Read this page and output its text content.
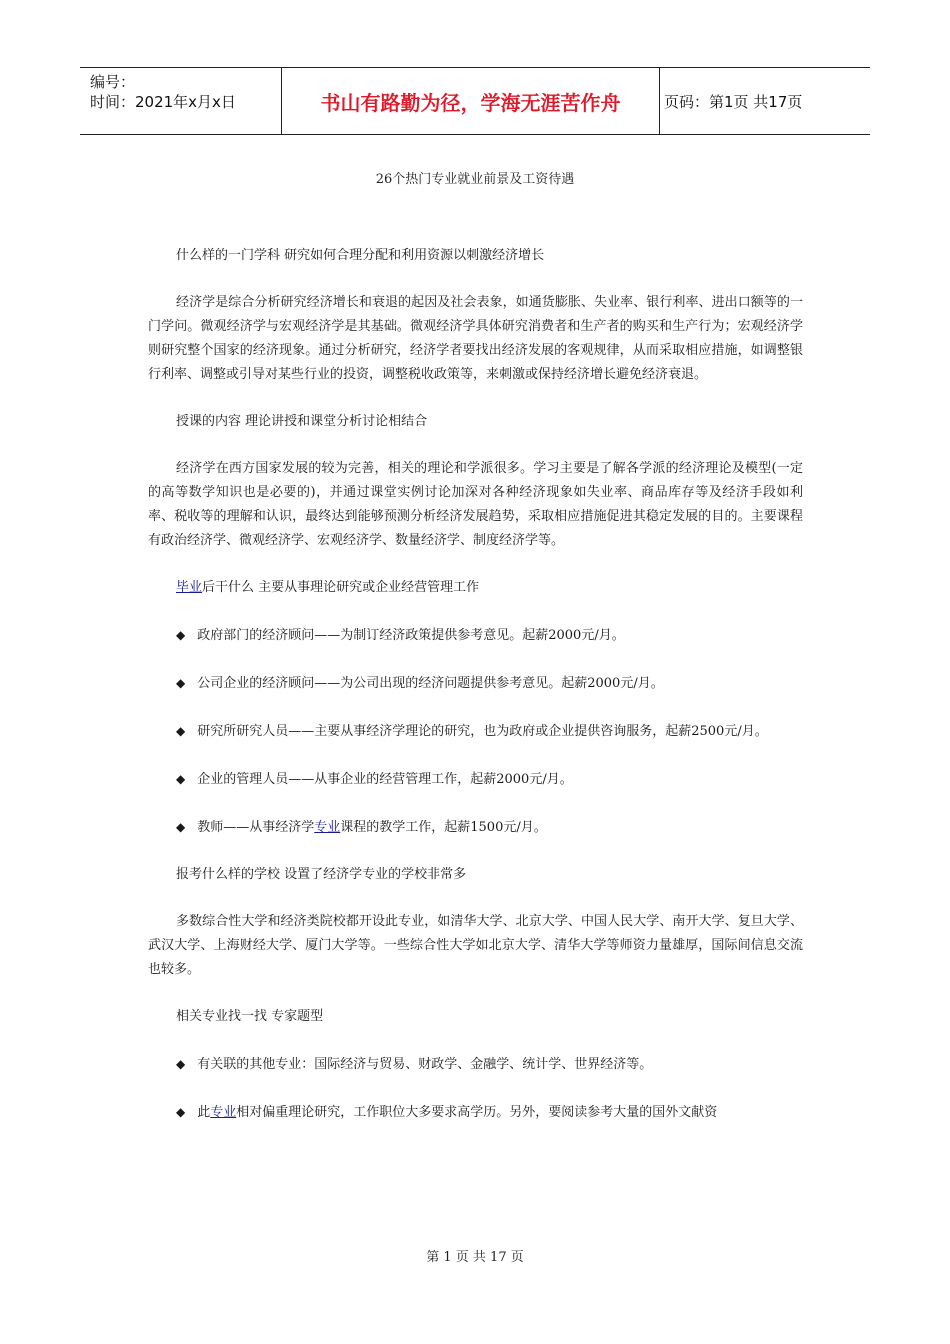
编号：
时间：2021年x月x日	书山有路勤为径，学海无涯苦作舟	页码：第1页 共17页
26个热门专业就业前景及工资待遇

什么样的一门学科 研究如何合理分配和利用资源以刺激经济增长

经济学是综合分析研究经济增长和衰退的起因及社会表象，如通货膨胀、失业率、银行利率、进出口额等的一门学问。微观经济学与宏观经济学是其基础。微观经济学具体研究消费者和生产者的购买和生产行为；宏观经济学则研究整个国家的经济现象。通过分析研究，经济学者要找出经济发展的客观规律，从而采取相应措施，如调整银行利率、调整或引导对某些行业的投资，调整税收政策等，来刺激或保持经济增长避免经济衰退。

授课的内容 理论讲授和课堂分析讨论相结合

经济学在西方国家发展的较为完善，相关的理论和学派很多。学习主要是了解各学派的经济理论及模型(一定的高等数学知识也是必要的)，并通过课堂实例讨论加深对各种经济现象如失业率、商品库存等及经济手段如利率、税收等的理解和认识，最终达到能够预测分析经济发展趋势，采取相应措施促进其稳定发展的目的。主要课程有政治经济学、微观经济学、宏观经济学、数量经济学、制度经济学等。

毕业后干什么 主要从事理论研究或企业经营管理工作

◆ 政府部门的经济顾问——为制订经济政策提供参考意见。起薪2000元/月。

◆ 公司企业的经济顾问——为公司出现的经济问题提供参考意见。起薪2000元/月。

◆ 研究所研究人员——主要从事经济学理论的研究，也为政府或企业提供咨询服务，起薪2500元/月。

◆ 企业的管理人员——从事企业的经营管理工作，起薪2000元/月。

◆ 教师——从事经济学专业课程的教学工作，起薪1500元/月。

报考什么样的学校 设置了经济学专业的学校非常多

多数综合性大学和经济类院校都开设此专业，如清华大学、北京大学、中国人民大学、南开大学、复旦大学、武汉大学、上海财经大学、厦门大学等。一些综合性大学如北京大学、清华大学等师资力量雄厚，国际间信息交流也较多。

相关专业找一找 专家题型

◆ 有关联的其他专业：国际经济与贸易、财政学、金融学、统计学、世界经济等。

◆ 此专业相对偏重理论研究，工作职位大多要求高学历。另外，要阅读参考大量的国外文献资

第 1 页 共 17 页
